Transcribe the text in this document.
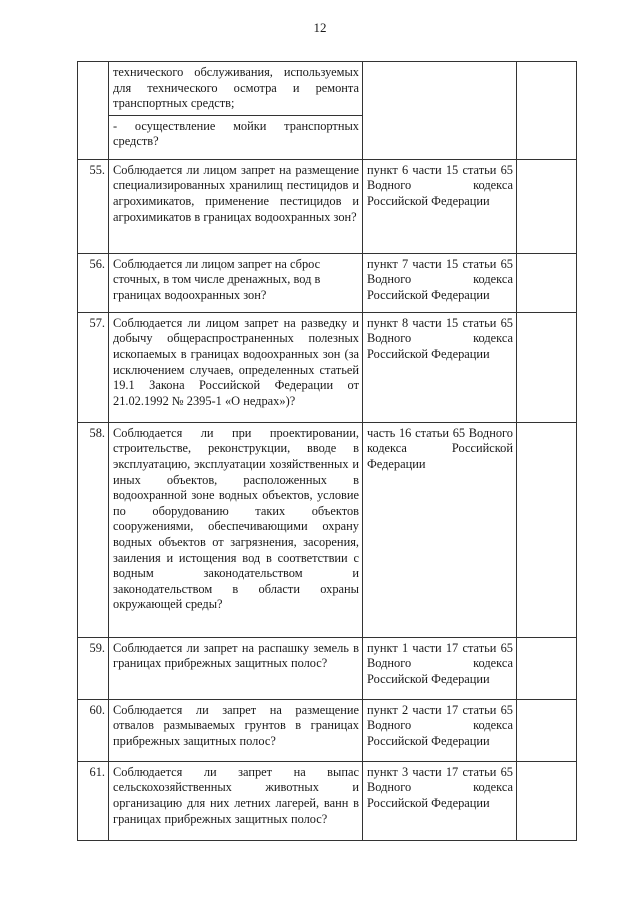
12
	технического обслуживания, используемых для технического осмотра и ремонта транспортных средств;		
	- осуществление мойки транспортных средств?		
55.	Соблюдается ли лицом запрет на размещение специализированных хранилищ пестицидов и агрохимикатов, применение пестицидов и агрохимикатов в границах водоохранных зон?	пункт 6 части 15 статьи 65 Водного кодекса Российской Федерации	
56.	Соблюдается ли лицом запрет на сброс сточных, в том числе дренажных, вод в границах водоохранных зон?	пункт 7 части 15 статьи 65 Водного кодекса Российской Федерации	
57.	Соблюдается ли лицом запрет на разведку и добычу общераспространенных полезных ископаемых в границах водоохранных зон (за исключением случаев, определенных статьей 19.1 Закона Российской Федерации от 21.02.1992 № 2395-1 «О недрах»)?	пункт 8 части 15 статьи 65 Водного кодекса Российской Федерации	
58.	Соблюдается ли при проектировании, строительстве, реконструкции, вводе в эксплуатацию, эксплуатации хозяйственных и иных объектов, расположенных в водоохранной зоне водных объектов, условие по оборудованию таких объектов сооружениями, обеспечивающими охрану водных объектов от загрязнения, засорения, заиления и истощения вод в соответствии с водным законодательством и законодательством в области охраны окружающей среды?	часть 16 статьи 65 Водного кодекса Российской Федерации	
59.	Соблюдается ли запрет на распашку земель в границах прибрежных защитных полос?	пункт 1 части 17 статьи 65 Водного кодекса Российской Федерации	
60.	Соблюдается ли запрет на размещение отвалов размываемых грунтов в границах прибрежных защитных полос?	пункт 2 части 17 статьи 65 Водного кодекса Российской Федерации	
61.	Соблюдается ли запрет на выпас сельскохозяйственных животных и организацию для них летних лагерей, ванн в границах прибрежных защитных полос?	пункт 3 части 17 статьи 65 Водного кодекса Российской Федерации	
